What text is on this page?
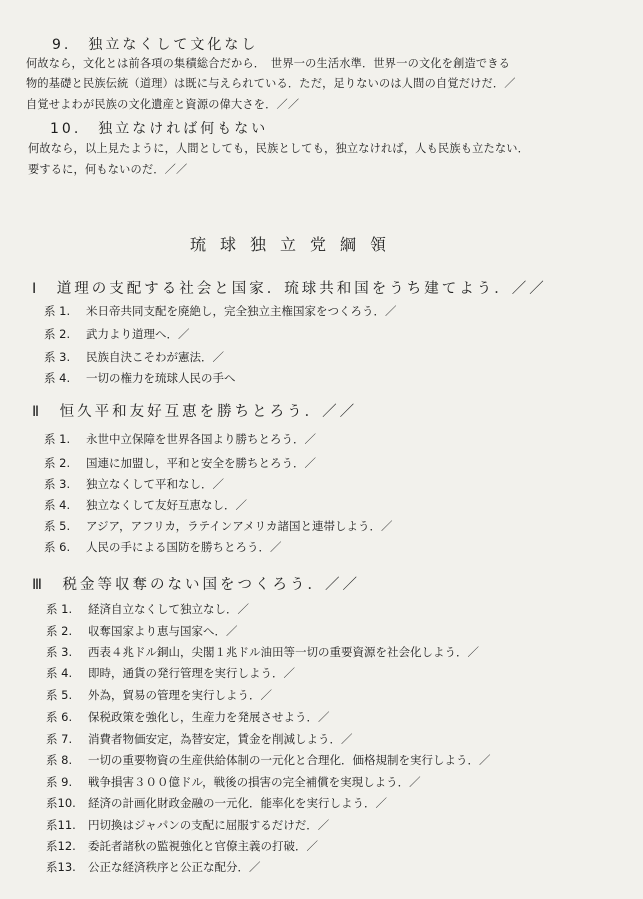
9.　独立なくして文化なし
何故なら，文化とは前各項の集積総合だから．　世界一の生活水準．世界一の文化を創造できる
物的基礎と民族伝統（道理）は既に与えられている．ただ，足りないのは人間の自覚だけだ．／
自覚せよわが民族の文化遺産と資源の偉大さを．／／
10.　独立なければ何もない
何故なら，以上見たように，人間としても，民族としても，独立なければ，人も民族も立たない．
要するに，何もないのだ．／／
琉球独立党綱領
Ⅰ　道理の支配する社会と国家．琉球共和国をうち建てよう．／／
系 1. 米日帝共同支配を廃絶し，完全独立主権国家をつくろう．／
系 2. 武力より道理へ．／
系 3. 民族自決こそわが憲法．／
系 4. 一切の権力を琉球人民の手へ
Ⅱ　恒久平和友好互恵を勝ちとろう．／／
系 1. 永世中立保障を世界各国より勝ちとろう．／
系 2. 国連に加盟し，平和と安全を勝ちとろう．／
系 3. 独立なくして平和なし．／
系 4. 独立なくして友好互恵なし．／
系 5. アジア，アフリカ，ラテインアメリカ諸国と連帯しよう．／
系 6. 人民の手による国防を勝ちとろう．／
Ⅲ　税金等収奪のない国をつくろう．／／
系 1. 経済自立なくして独立なし．／
系 2. 収奪国家より恵与国家へ．／
系 3. 西表４兆ドル銅山，尖閣１兆ドル油田等一切の重要資源を社会化しよう．／
系 4. 即時，通貨の発行管理を実行しよう．／
系 5. 外為，貿易の管理を実行しよう．／
系 6. 保税政策を強化し，生産力を発展させよう．／
系 7. 消費者物価安定，為替安定，賃金を削減しよう．／
系 8. 一切の重要物資の生産供給体制の一元化と合理化．価格規制を実行しよう．／
系 9. 戦争損害３００億ドル，戦後の損害の完全補償を実現しよう．／
系10. 経済の計画化財政金融の一元化．能率化を実行しよう．／
系11. 円切換はジャパンの支配に屈服するだけだ．／
系12. 委託者諸秋の監視強化と官僚主義の打破．／
系13. 公正な経済秩序と公正な配分．／
